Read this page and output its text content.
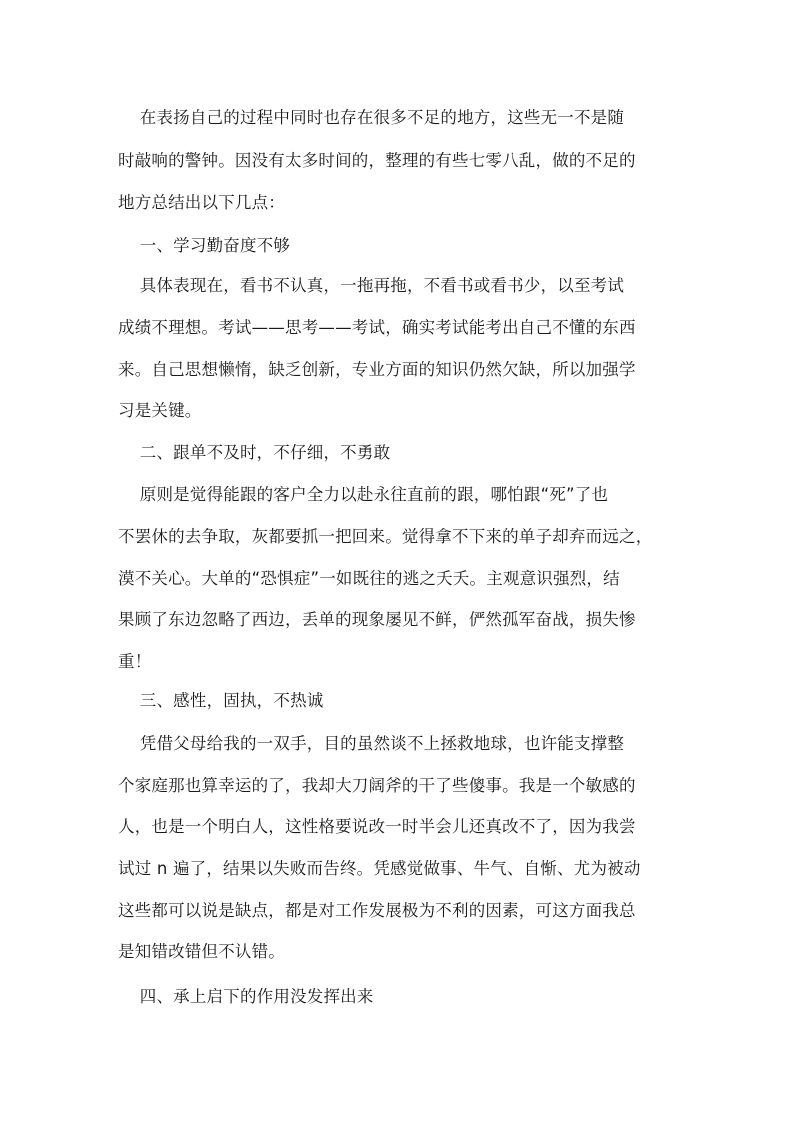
在表扬自己的过程中同时也存在很多不足的地方，这些无一不是随
时敲响的警钟。因没有太多时间的，整理的有些七零八乱，做的不足的
地方总结出以下几点：
一、学习勤奋度不够
具体表现在，看书不认真，一拖再拖，不看书或看书少，以至考试
成绩不理想。考试——思考——考试，确实考试能考出自己不懂的东西
来。自己思想懒惰，缺乏创新，专业方面的知识仍然欠缺，所以加强学
习是关键。
二、跟单不及时，不仔细，不勇敢
原则是觉得能跟的客户全力以赴永往直前的跟，哪怕跟“死”了也
不罢休的去争取，灰都要抓一把回来。觉得拿不下来的单子却弃而远之，
漠不关心。大单的“恐惧症”一如既往的逃之夭夭。主观意识强烈，结
果顾了东边忽略了西边，丢单的现象屡见不鲜，俨然孤军奋战，损失惨
重！
三、感性，固执，不热诚
凭借父母给我的一双手，目的虽然谈不上拯救地球，也许能支撑整
个家庭那也算幸运的了，我却大刀阔斧的干了些傻事。我是一个敏感的
人，也是一个明白人，这性格要说改一时半会儿还真改不了，因为我尝
试过 n 遍了，结果以失败而告终。凭感觉做事、牛气、自惭、尤为被动
这些都可以说是缺点，都是对工作发展极为不利的因素，可这方面我总
是知错改错但不认错。
四、承上启下的作用没发挥出来
